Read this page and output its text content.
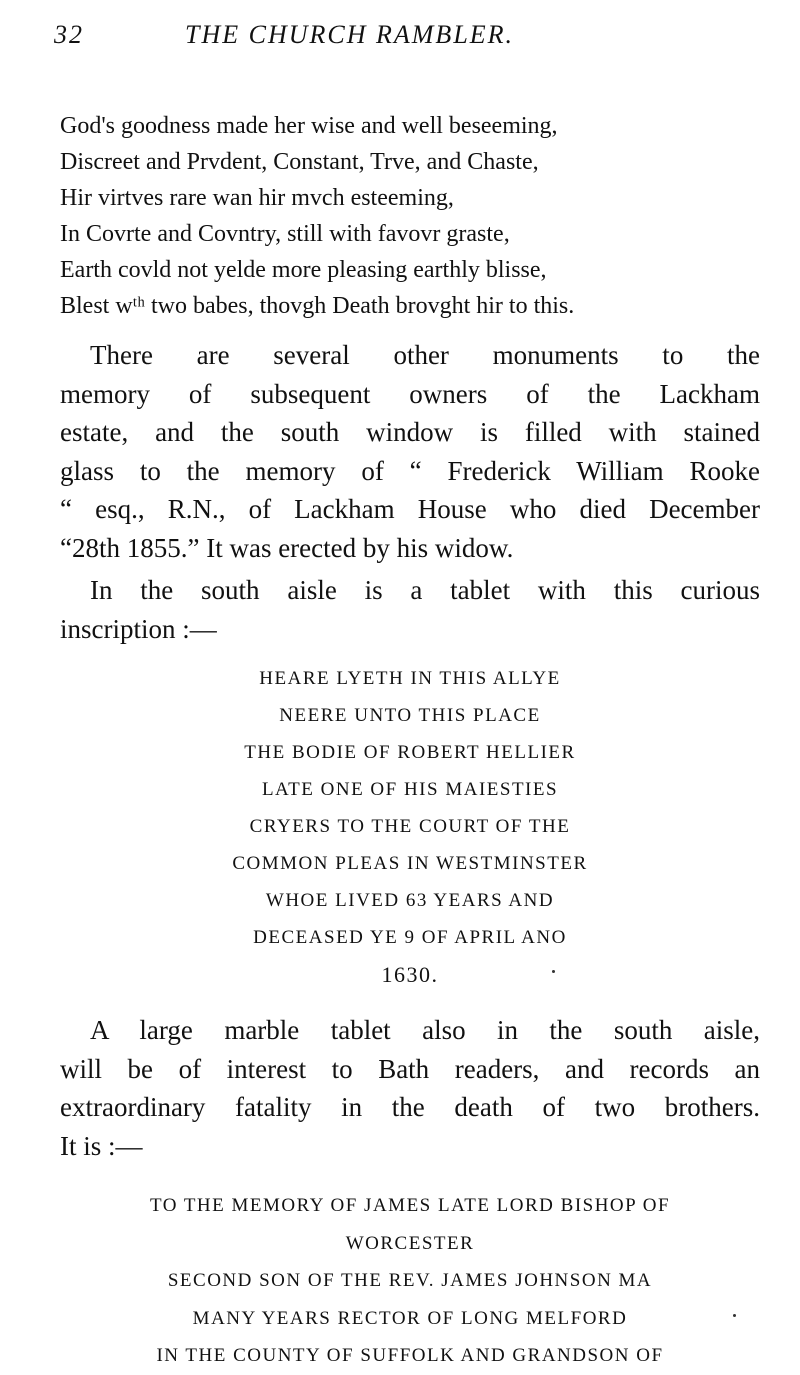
32	THE CHURCH RAMBLER.
God's goodness made her wise and well beseeming,
Discreet and Prvdent, Constant, Trve, and Chaste,
Hir virtves rare wan hir mvch esteeming,
In Covrte and Covntry, still with favovr graste,
Earth covld not yelde more pleasing earthly blisse,
Blest wᵗʰ two babes, thovgh Death brovght hir to this.
There are several other monuments to the
memory of subsequent owners of the Lackham
estate, and the south window is filled with stained
glass to the memory of “ Frederick William Rooke
“ esq., R.N., of Lackham House who died December
“28th 1855.” It was erected by his widow.
In the south aisle is a tablet with this curious
inscription :—
HEARE LYETH IN THIS ALLYE
NEERE UNTO THIS PLACE
THE BODIE OF ROBERT HELLIER
LATE ONE OF HIS MAIESTIES
CRYERS TO THE COURT OF THE
COMMON PLEAS IN WESTMINSTER
WHOE LIVED 63 YEARS AND
DECEASED YE 9 OF APRIL ANO
1630.
A large marble tablet also in the south aisle,
will be of interest to Bath readers, and records an
extraordinary fatality in the death of two brothers.
It is :—
TO THE MEMORY OF JAMES LATE LORD BISHOP OF
WORCESTER
SECOND SON OF THE REV. JAMES JOHNSON MA
MANY YEARS RECTOR OF LONG MELFORD
IN THE COUNTY OF SUFFOLK AND GRANDSON OF
